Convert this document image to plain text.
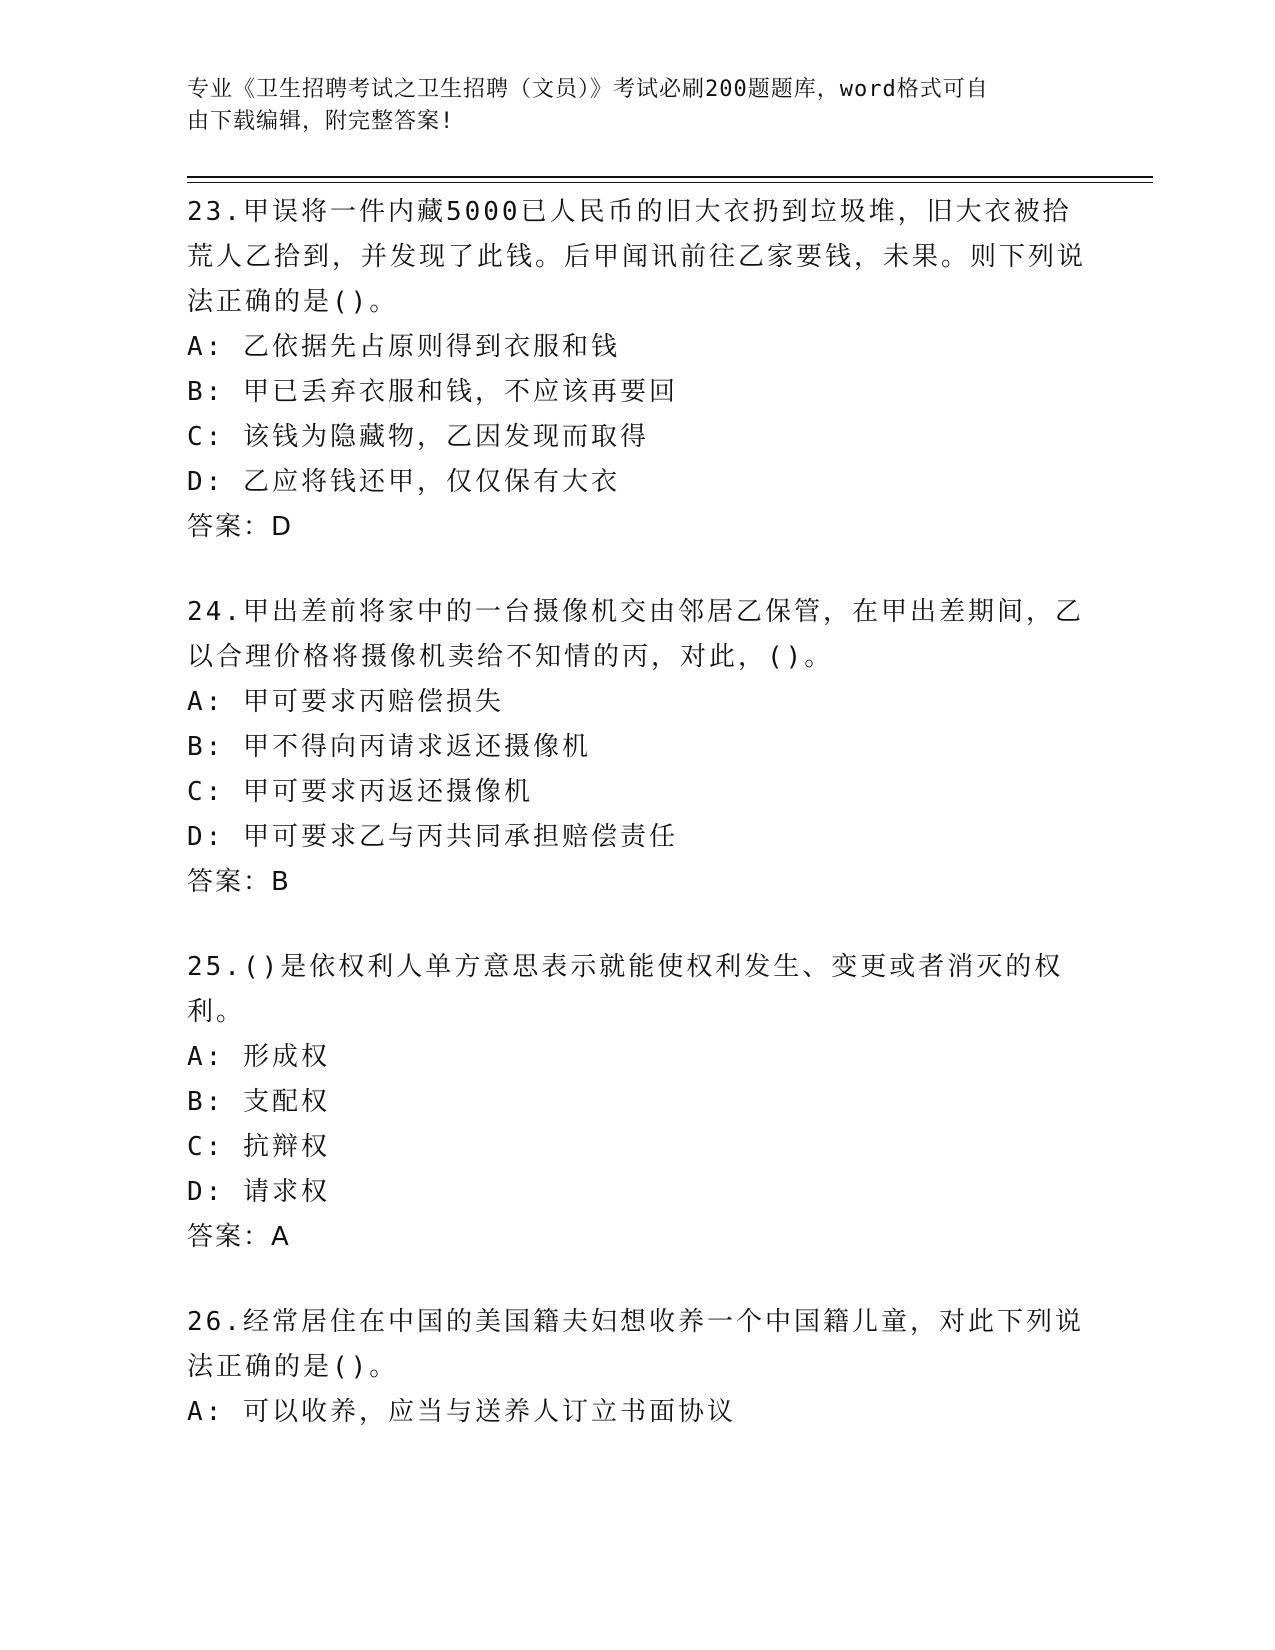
专业《卫生招聘考试之卫生招聘（文员）》考试必刷200题题库，word格式可自
由下载编辑，附完整答案!
23.甲误将一件内藏5000已人民币的旧大衣扔到垃圾堆，旧大衣被拾荒人乙拾到，并发现了此钱。后甲闻讯前往乙家要钱，未果。则下列说法正确的是()。
A: 乙依据先占原则得到衣服和钱
B: 甲已丢弃衣服和钱，不应该再要回
C: 该钱为隐藏物，乙因发现而取得
D: 乙应将钱还甲，仅仅保有大衣
答案：D
24.甲出差前将家中的一台摄像机交由邻居乙保管，在甲出差期间，乙以合理价格将摄像机卖给不知情的丙，对此，()。
A: 甲可要求丙赔偿损失
B: 甲不得向丙请求返还摄像机
C: 甲可要求丙返还摄像机
D: 甲可要求乙与丙共同承担赔偿责任
答案：B
25.()是依权利人单方意思表示就能使权利发生、变更或者消灭的权利。
A: 形成权
B: 支配权
C: 抗辩权
D: 请求权
答案：A
26.经常居住在中国的美国籍夫妇想收养一个中国籍儿童，对此下列说法正确的是()。
A: 可以收养，应当与送养人订立书面协议
